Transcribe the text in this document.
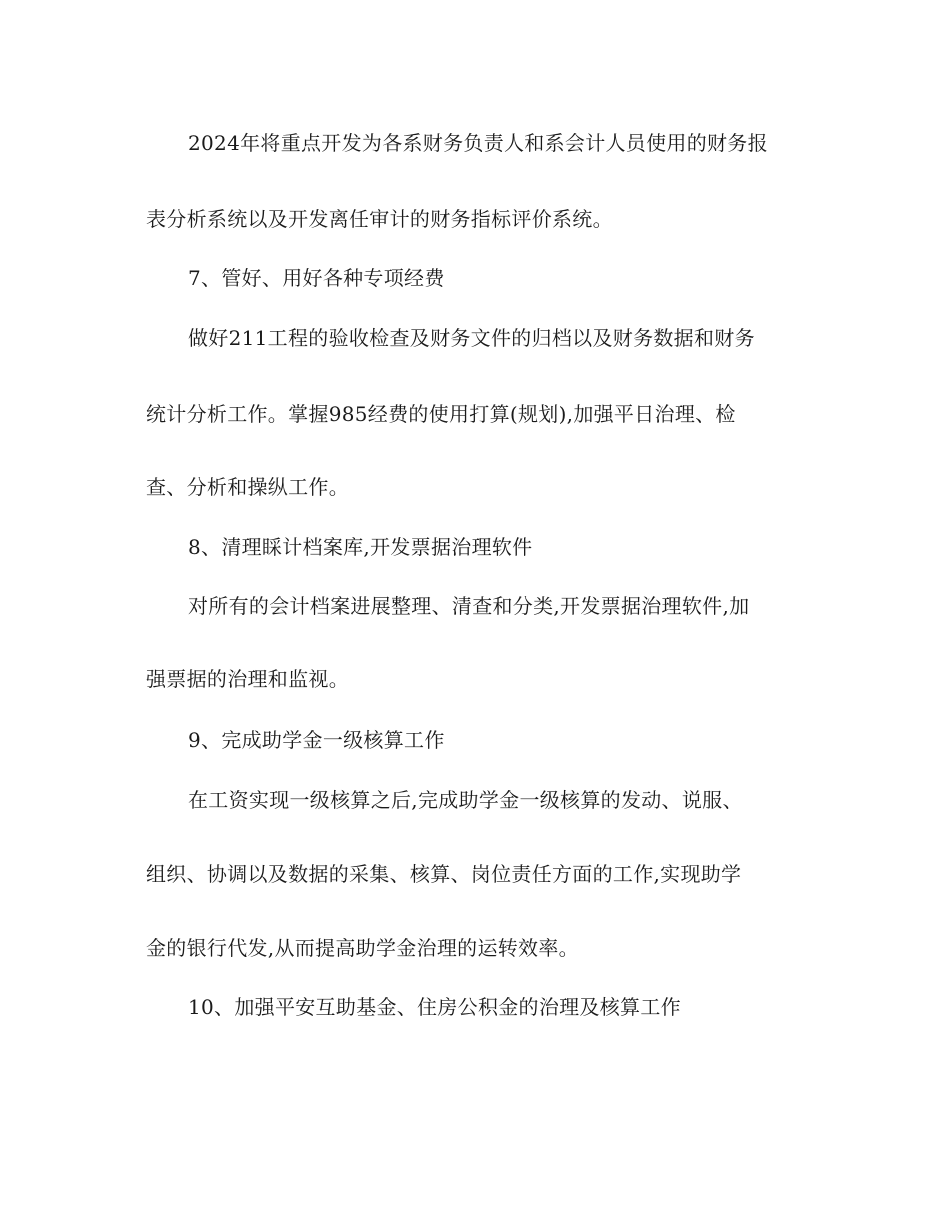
2024年将重点开发为各系财务负责人和系会计人员使用的财务报
表分析系统以及开发离任审计的财务指标评价系统。
7、管好、用好各种专项经费
做好211工程的验收检查及财务文件的归档以及财务数据和财务
统计分析工作。掌握985经费的使用打算(规划),加强平日治理、检
查、分析和操纵工作。
8、清理睬计档案库,开发票据治理软件
对所有的会计档案进展整理、清查和分类,开发票据治理软件,加
强票据的治理和监视。
9、完成助学金一级核算工作
在工资实现一级核算之后,完成助学金一级核算的发动、说服、
组织、协调以及数据的采集、核算、岗位责任方面的工作,实现助学
金的银行代发,从而提高助学金治理的运转效率。
10、加强平安互助基金、住房公积金的治理及核算工作
